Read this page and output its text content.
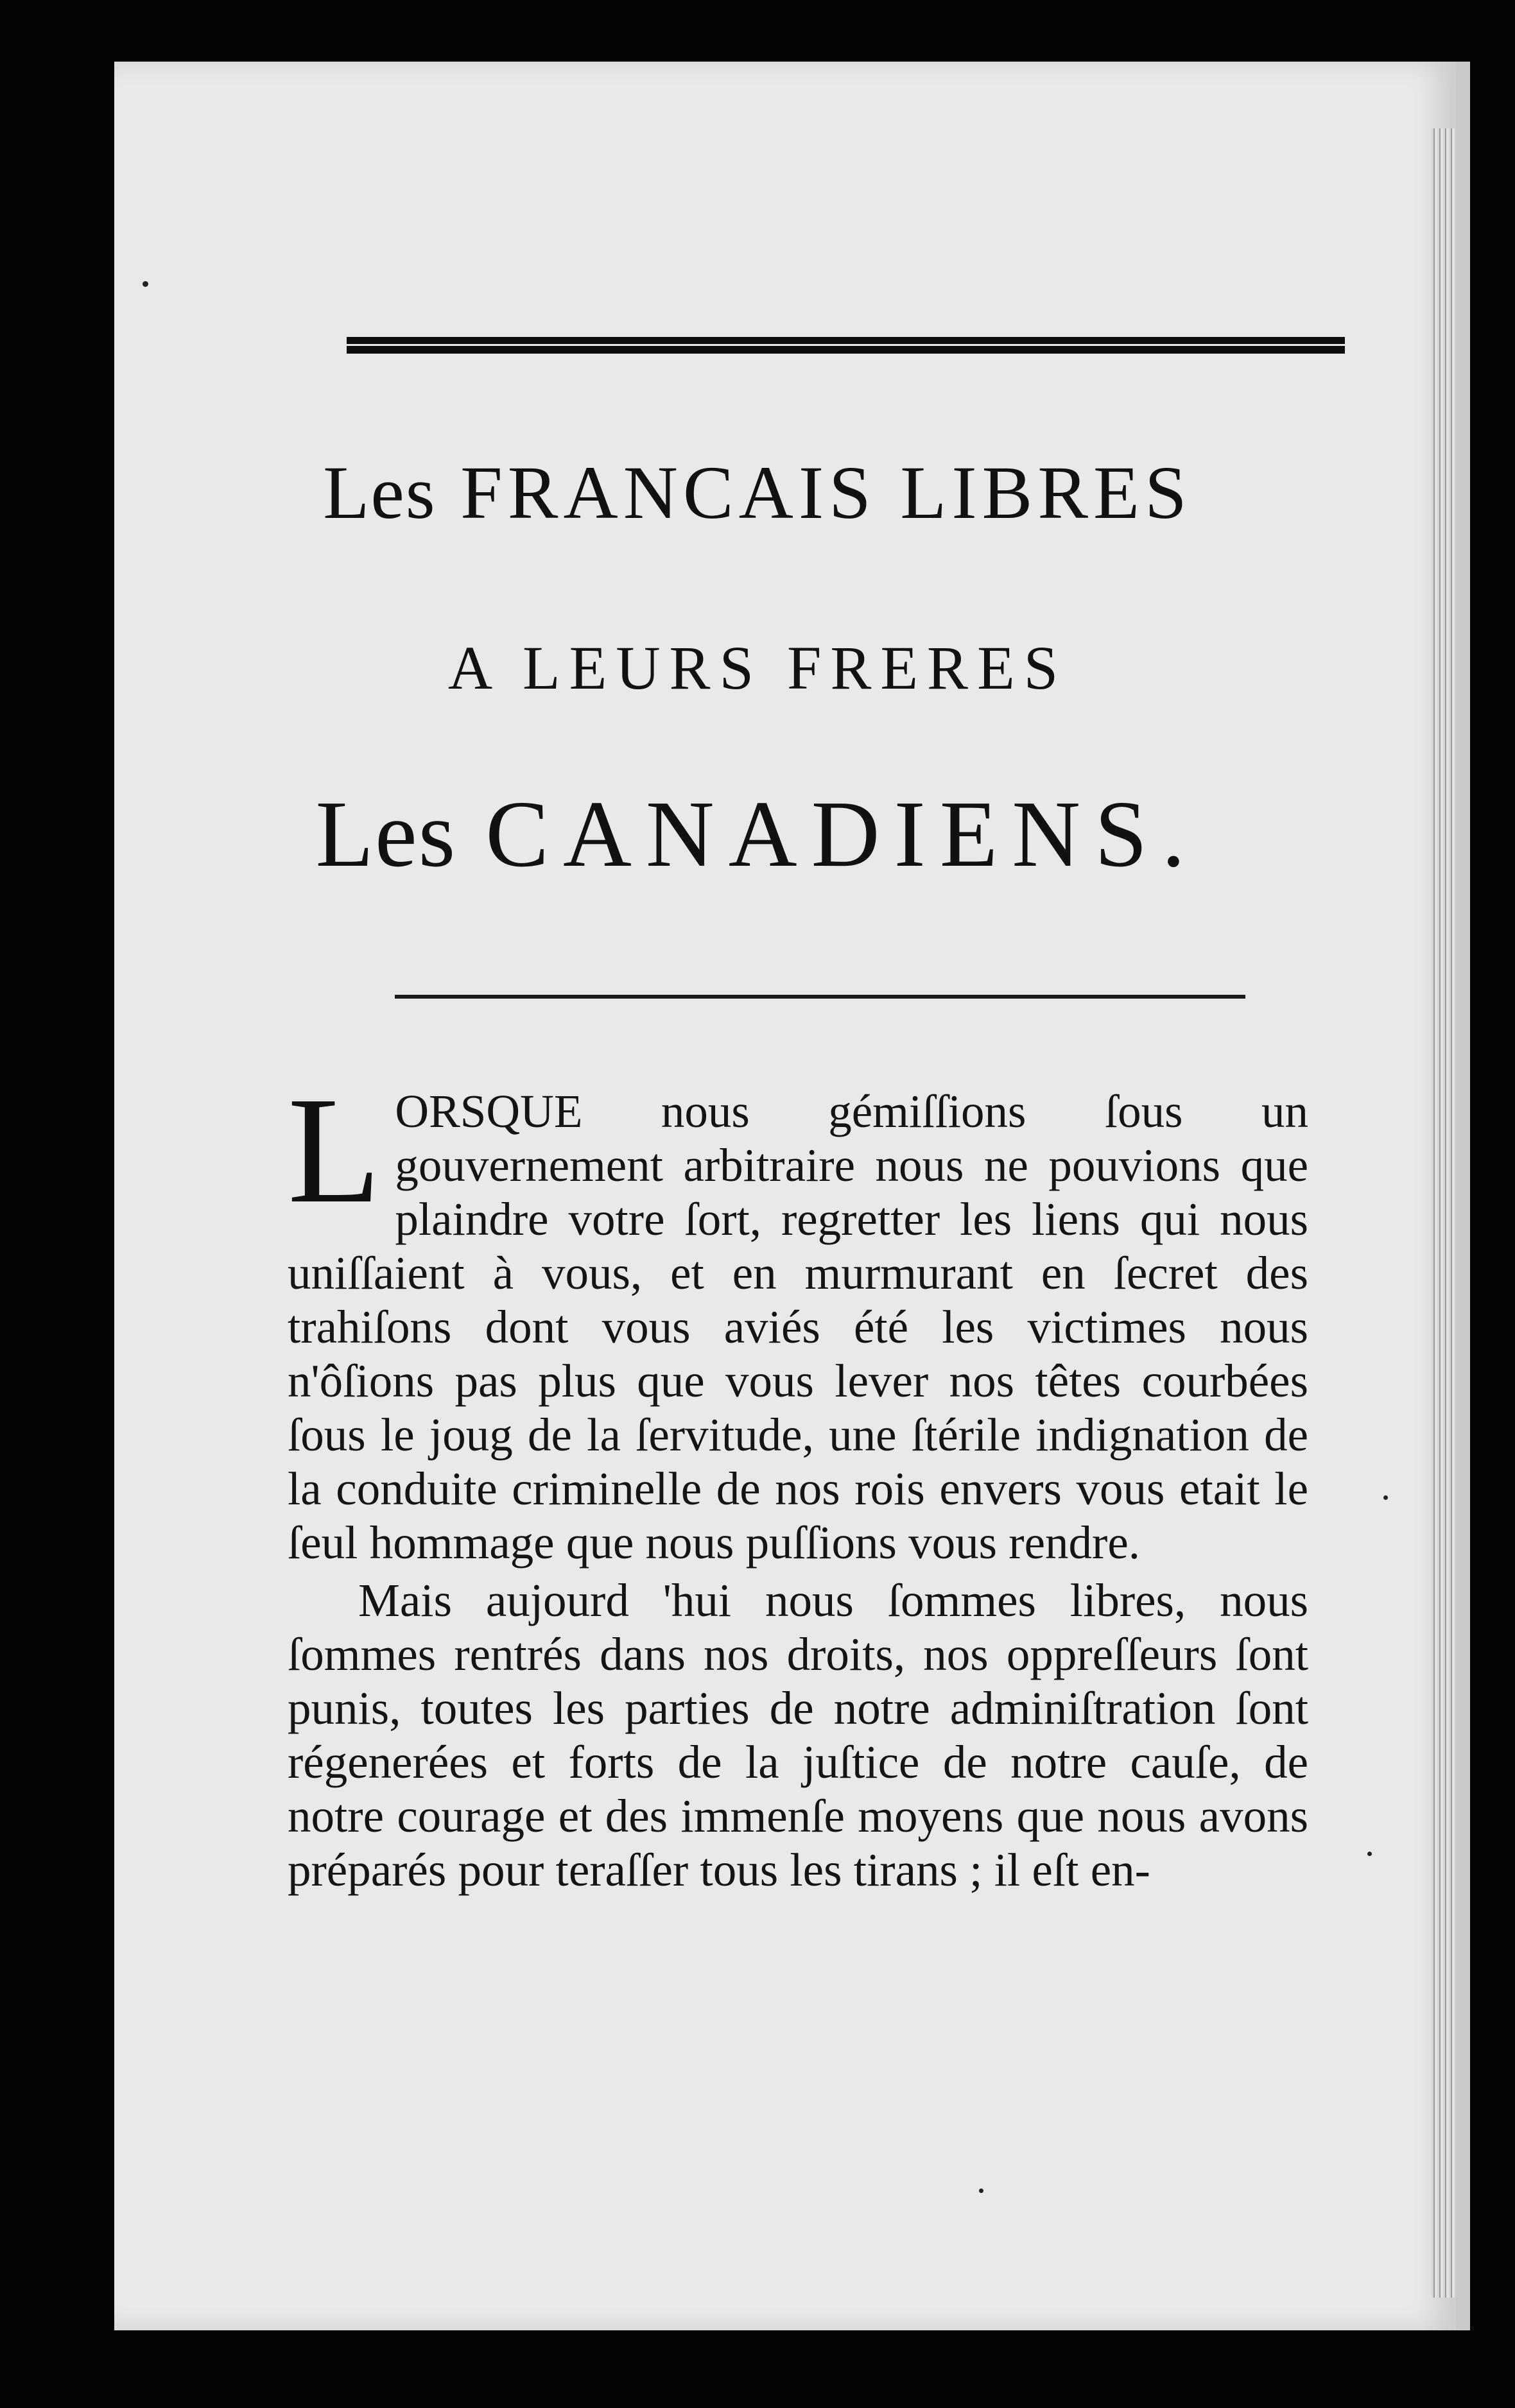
Les FRANCAIS LIBRES
A LEURS FRERES
Les CANADIENS.

L ORSQUE nous gémiſſions ſous un gouvernement arbitraire nous ne pouvions que plaindre votre ſort, regretter les liens qui nous uniſſaient à vous, et en murmurant en ſecret des trahiſons dont vous aviés été les victimes nous n'ôſions pas plus que vous lever nos têtes courbées ſous le joug de la ſervitude, une ſtérile indignation de la conduite criminelle de nos rois envers vous etait le ſeul hommage que nous puſſions vous rendre.

Mais aujourd 'hui nous ſommes libres, nous ſommes rentrés dans nos droits, nos oppreſſeurs ſont punis, toutes les parties de notre adminiſtration ſont régenerées et forts de la juſtice de notre cauſe, de notre courage et des immenſe moyens que nous avons préparés pour teraſſer tous les tirans ; il eſt en-
